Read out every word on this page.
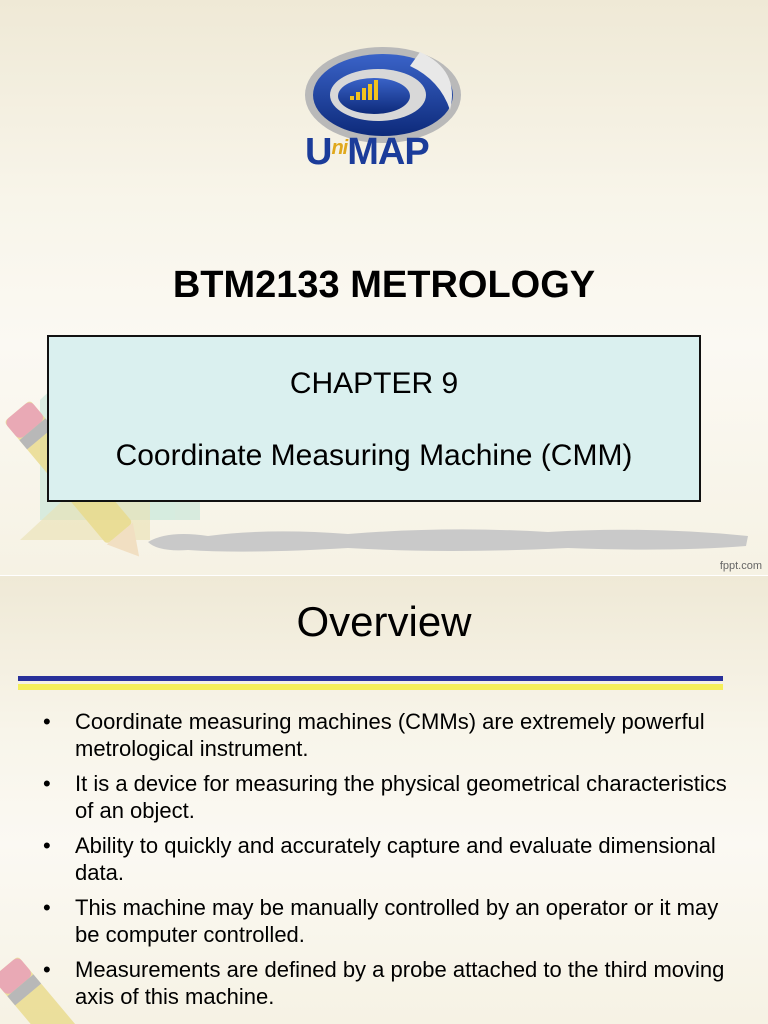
$U^{ni}MAP$
BTM2133 METROLOGY
CHAPTER 9
Coordinate Measuring Machine (CMM)
fppt.com
Overview
• Coordinate measuring machines (CMMs) are extremely powerful metrological instrument.
• It is a device for measuring the physical geometrical characteristics of an object.
• Ability to quickly and accurately capture and evaluate dimensional data.
• This machine may be manually controlled by an operator or it may be computer controlled.
• Measurements are defined by a probe attached to the third moving axis of this machine.
